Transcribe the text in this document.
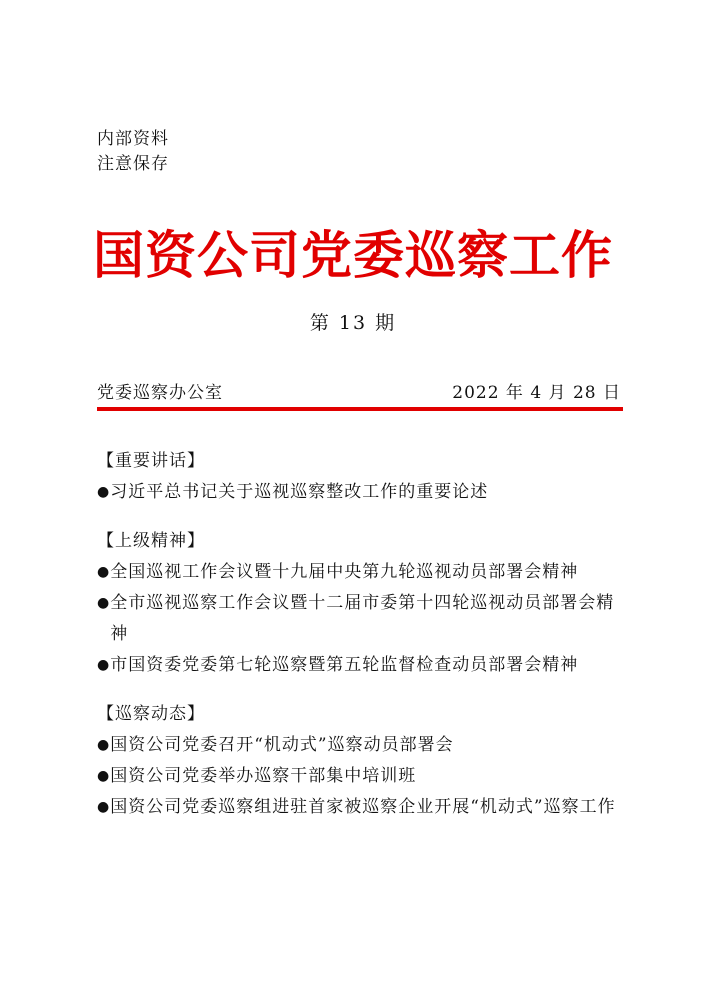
内部资料
注意保存
国资公司党委巡察工作
第 13 期
党委巡察办公室	2022 年 4 月 28 日
【重要讲话】
● 习近平总书记关于巡视巡察整改工作的重要论述
【上级精神】
● 全国巡视工作会议暨十九届中央第九轮巡视动员部署会精神
● 全市巡视巡察工作会议暨十二届市委第十四轮巡视动员部署会精神
● 市国资委党委第七轮巡察暨第五轮监督检查动员部署会精神
【巡察动态】
● 国资公司党委召开“机动式”巡察动员部署会
● 国资公司党委举办巡察干部集中培训班
● 国资公司党委巡察组进驻首家被巡察企业开展“机动式”巡察工作
